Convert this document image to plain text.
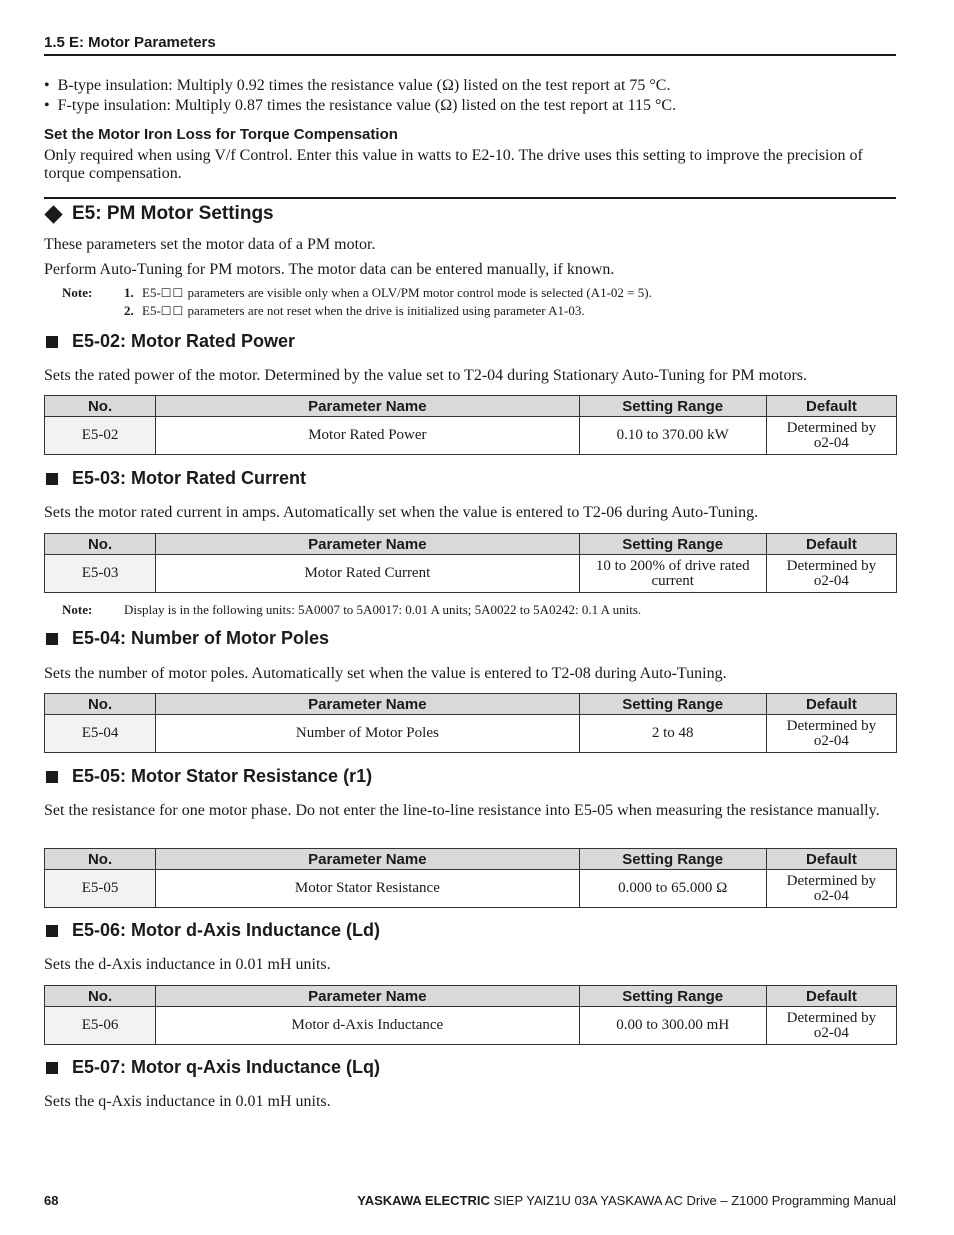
1.5 E: Motor Parameters
•  B-type insulation: Multiply 0.92 times the resistance value (Ω) listed on the test report at 75 °C.
•  F-type insulation: Multiply 0.87 times the resistance value (Ω) listed on the test report at 115 °C.
Set the Motor Iron Loss for Torque Compensation
Only required when using V/f Control. Enter this value in watts to E2-10. The drive uses this setting to improve the precision of torque compensation.
E5: PM Motor Settings
These parameters set the motor data of a PM motor.
Perform Auto-Tuning for PM motors. The motor data can be entered manually, if known.
Note:	1. E5-☐☐ parameters are visible only when a OLV/PM motor control mode is selected (A1-02 = 5).
2. E5-☐☐ parameters are not reset when the drive is initialized using parameter A1-03.
E5-02: Motor Rated Power
Sets the rated power of the motor. Determined by the value set to T2-04 during Stationary Auto-Tuning for PM motors.
No.	Parameter Name	Setting Range	Default
E5-02	Motor Rated Power	0.10 to 370.00 kW	Determined by
o2-04
E5-03: Motor Rated Current
Sets the motor rated current in amps. Automatically set when the value is entered to T2-06 during Auto-Tuning.
No.	Parameter Name	Setting Range	Default
E5-03	Motor Rated Current	10 to 200% of drive rated
current	Determined by
o2-04
Note:	Display is in the following units: 5A0007 to 5A0017: 0.01 A units; 5A0022 to 5A0242: 0.1 A units.
E5-04: Number of Motor Poles
Sets the number of motor poles. Automatically set when the value is entered to T2-08 during Auto-Tuning.
No.	Parameter Name	Setting Range	Default
E5-04	Number of Motor Poles	2 to 48	Determined by
o2-04
E5-05: Motor Stator Resistance (r1)
Set the resistance for one motor phase. Do not enter the line-to-line resistance into E5-05 when measuring the resistance manually.
No.	Parameter Name	Setting Range	Default
E5-05	Motor Stator Resistance	0.000 to 65.000 Ω	Determined by
o2-04
E5-06: Motor d-Axis Inductance (Ld)
Sets the d-Axis inductance in 0.01 mH units.
No.	Parameter Name	Setting Range	Default
E5-06	Motor d-Axis Inductance	0.00 to 300.00 mH	Determined by
o2-04
E5-07: Motor q-Axis Inductance (Lq)
Sets the q-Axis inductance in 0.01 mH units.
68	YASKAWA ELECTRIC SIEP YAIZ1U 03A YASKAWA AC Drive – Z1000 Programming Manual
